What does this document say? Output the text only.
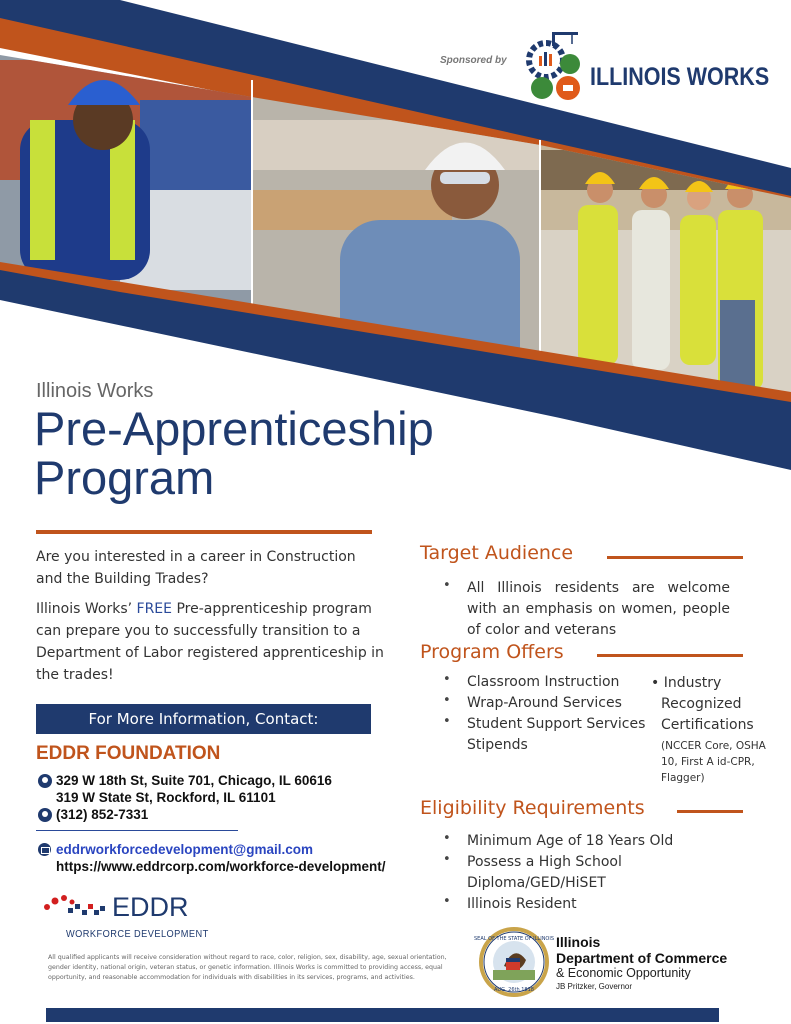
Sponsored by
ILLINOIS WORKS
Illinois Works
Pre-Apprenticeship
Program

Are you interested in a career in Construction and the Building Trades?

Illinois Works’ FREE Pre-apprenticeship program can prepare you to successfully transition to a Department of Labor registered apprenticeship in the trades!

For More Information, Contact:
EDDR FOUNDATION
329 W 18th St, Suite 701, Chicago, IL 60616
319 W State St, Rockford, IL 61101
(312) 852-7331
eddrworkforcedevelopment@gmail.com
https://www.eddrcorp.com/workforce-development/
EDDR
WORKFORCE DEVELOPMENT
All qualified applicants will receive consideration without regard to race, color, religion, sex, disability, age, sexual orientation, gender identity, national origin, veteran status, or genetic information. Illinois Works is committed to providing access, equal opportunity, and reasonable accommodation for individuals with disabilities in its services, programs, and activities.
Target Audience
• All Illinois residents are welcome with an emphasis on women, people of color and veterans
Program Offers
• Classroom Instruction
• Wrap-Around Services
• Student Support Services
Stipends
• Industry
Recognized
Certifications
(NCCER Core, OSHA 10, First A id-CPR, Flagger)
Eligibility Requirements
• Minimum Age of 18 Years Old
• Possess a High School Diploma/GED/HiSET
• Illinois Resident
SEAL OF THE STATE OF ILLINOIS
AUG. 26th 1818
Illinois
Department of Commerce
& Economic Opportunity
JB Pritzker, Governor
